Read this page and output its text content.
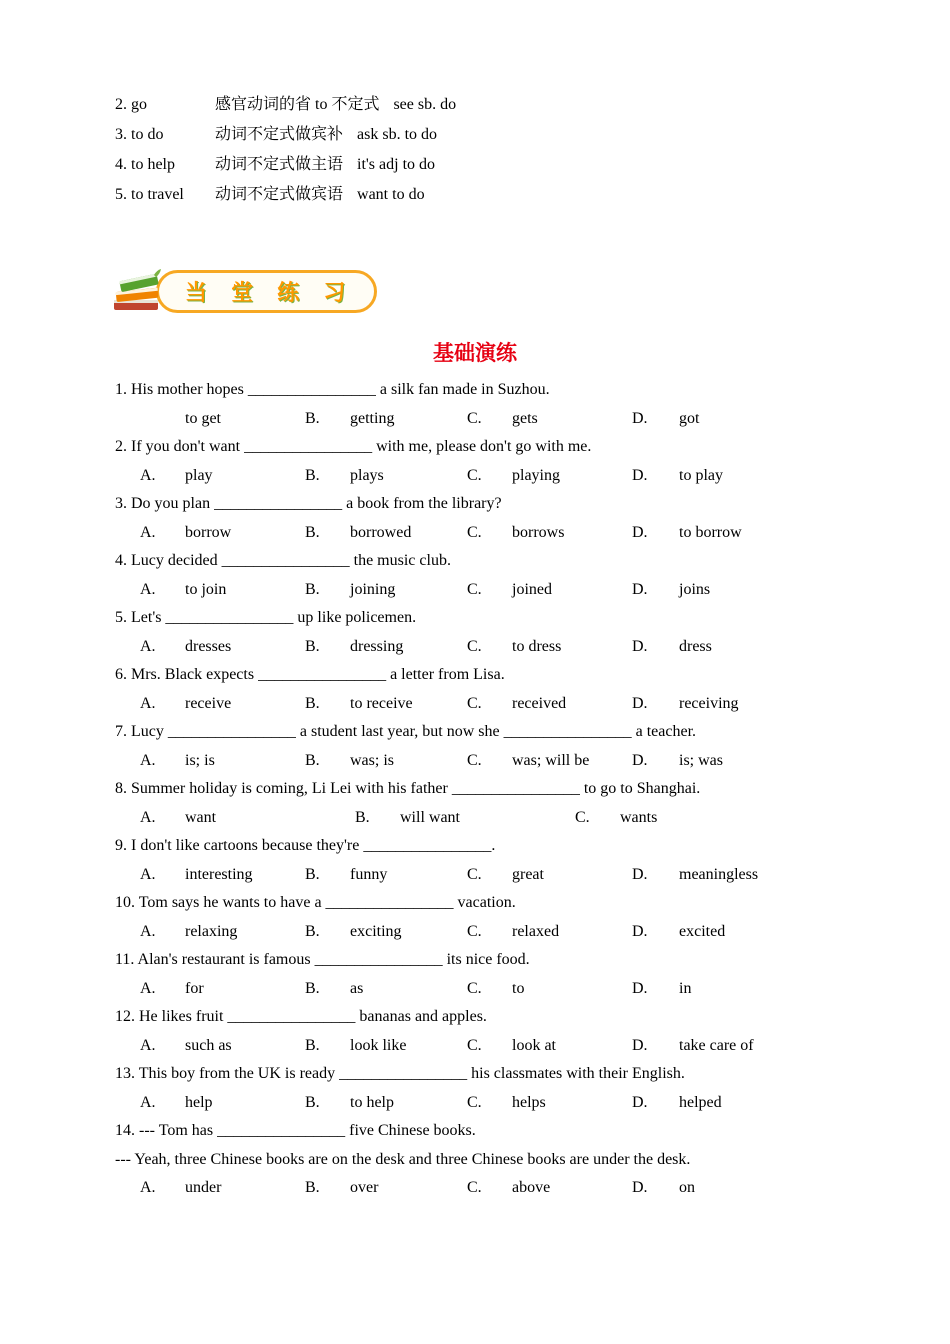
2. go	感官动词的省 to 不定式 see sb. do
3. to do	动词不定式做宾补 ask sb. to do
4. to help	动词不定式做主语 it's adj to do
5. to travel	动词不定式做宾语 want to do
当 堂 练 习
基础演练
1. His mother hopes ________________ a silk fan made in Suzhou.
to get	B.	getting	C.	gets	D.	got
2. If you don't want ________________ with me, please don't go with me.
A.	play	B.	plays	C.	playing	D.	to play
3. Do you plan ________________ a book from the library?
A.	borrow	B.	borrowed	C.	borrows	D.	to borrow
4. Lucy decided ________________ the music club.
A.	to join	B.	joining	C.	joined	D.	joins
5. Let's ________________ up like policemen.
A.	dresses	B.	dressing	C.	to dress	D.	dress
6. Mrs. Black expects ________________ a letter from Lisa.
A.	receive	B.	to receive	C.	received	D.	receiving
7. Lucy ________________ a student last year, but now she ________________ a teacher.
A.	is; is	B.	was; is	C.	was; will be	D.	is; was
8. Summer holiday is coming, Li Lei with his father ________________ to go to Shanghai.
A.	want	B.	will want	C.	wants
9. I don't like cartoons because they're ________________.
A.	interesting	B.	funny	C.	great	D.	meaningless
10. Tom says he wants to have a ________________ vacation.
A.	relaxing	B.	exciting	C.	relaxed	D.	excited
11. Alan's restaurant is famous ________________ its nice food.
A.	for	B.	as	C.	to	D.	in
12. He likes fruit ________________ bananas and apples.
A.	such as	B.	look like	C.	look at	D.	take care of
13. This boy from the UK is ready ________________ his classmates with their English.
A.	help	B.	to help	C.	helps	D.	helped
14. --- Tom has ________________ five Chinese books.
--- Yeah, three Chinese books are on the desk and three Chinese books are under the desk.
A.	under	B.	over	C.	above	D.	on
